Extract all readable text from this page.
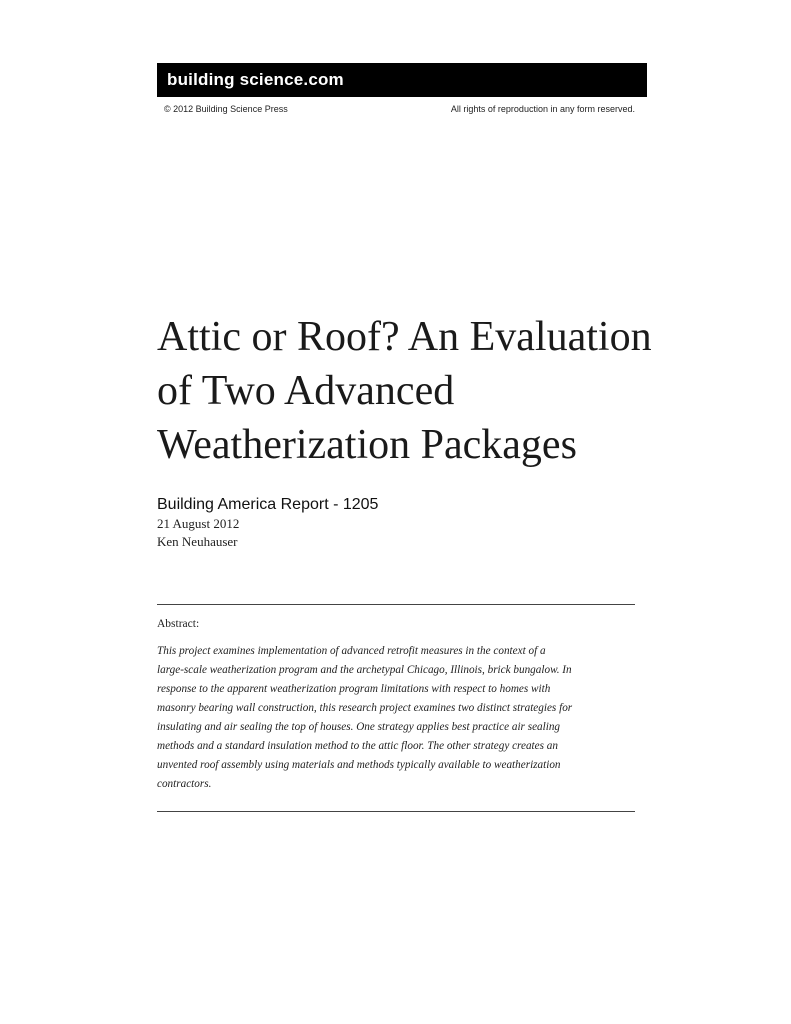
building science.com
© 2012 Building Science Press	All rights of reproduction in any form reserved.
Attic or Roof? An Evaluation
of Two Advanced
Weatherization Packages
Building America Report - 1205
21 August 2012
Ken Neuhauser
Abstract:

This project examines implementation of advanced retrofit measures in the context of a
large-scale weatherization program and the archetypal Chicago, Illinois, brick bungalow. In
response to the apparent weatherization program limitations with respect to homes with
masonry bearing wall construction, this research project examines two distinct strategies for
insulating and air sealing the top of houses. One strategy applies best practice air sealing
methods and a standard insulation method to the attic floor. The other strategy creates an
unvented roof assembly using materials and methods typically available to weatherization
contractors.
